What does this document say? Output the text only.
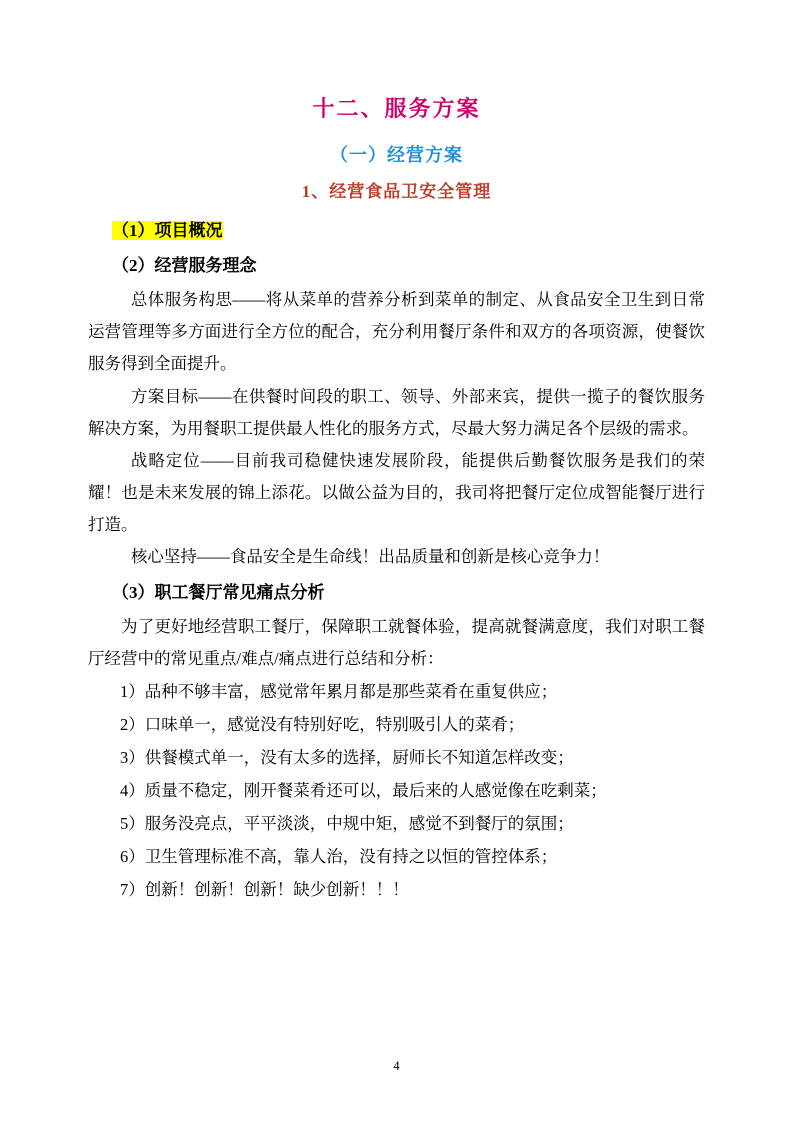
十二、服务方案
（一）经营方案
1、经营食品卫安全管理
（1）项目概况
（2）经营服务理念

总体服务构思——将从菜单的营养分析到菜单的制定、从食品安全卫生到日常运营管理等多方面进行全方位的配合，充分利用餐厅条件和双方的各项资源，使餐饮服务得到全面提升。

方案目标——在供餐时间段的职工、领导、外部来宾，提供一揽子的餐饮服务解决方案，为用餐职工提供最人性化的服务方式，尽最大努力满足各个层级的需求。

战略定位——目前我司稳健快速发展阶段，能提供后勤餐饮服务是我们的荣耀！也是未来发展的锦上添花。以做公益为目的，我司将把餐厅定位成智能餐厅进行打造。

核心坚持——食品安全是生命线！出品质量和创新是核心竞争力！

（3）职工餐厅常见痛点分析

为了更好地经营职工餐厅，保障职工就餐体验，提高就餐满意度，我们对职工餐厅经营中的常见重点/难点/痛点进行总结和分析：

1）品种不够丰富，感觉常年累月都是那些菜肴在重复供应；

2）口味单一，感觉没有特别好吃，特别吸引人的菜肴；

3）供餐模式单一，没有太多的选择，厨师长不知道怎样改变；

4）质量不稳定，刚开餐菜肴还可以，最后来的人感觉像在吃剩菜；

5）服务没亮点，平平淡淡，中规中矩，感觉不到餐厅的氛围；

6）卫生管理标准不高，靠人治，没有持之以恒的管控体系；

7）创新！创新！创新！缺少创新！！！

4
